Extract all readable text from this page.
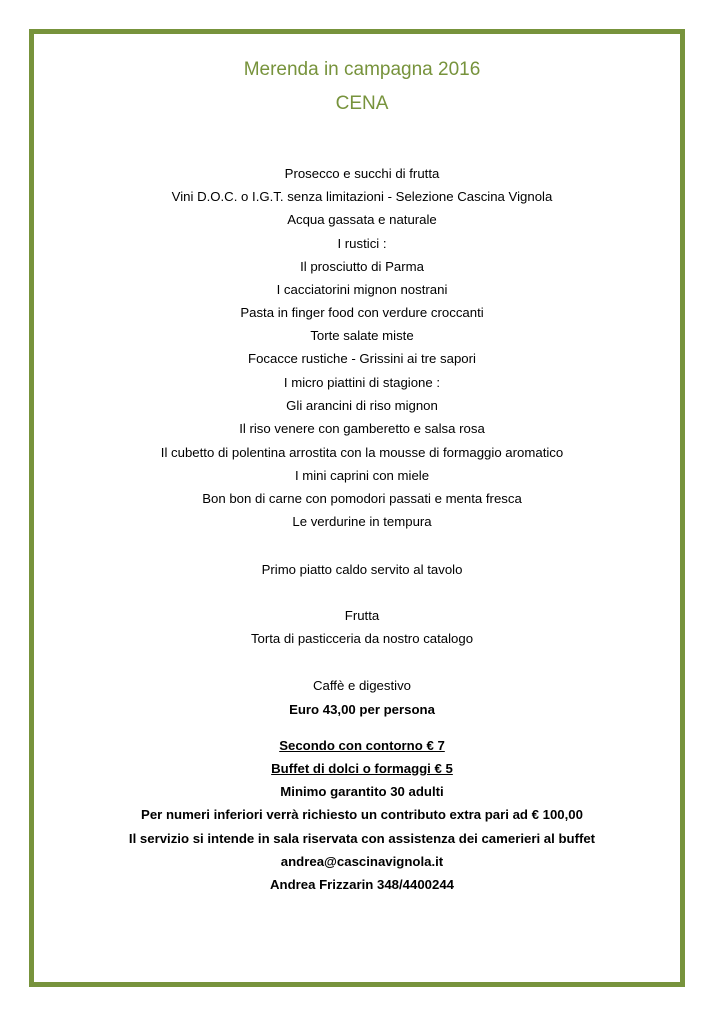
Merenda in campagna 2016
CENA
Prosecco e succhi di frutta
Vini D.O.C. o I.G.T. senza limitazioni - Selezione Cascina Vignola
Acqua gassata e naturale
I rustici :
Il prosciutto di Parma
I cacciatorini mignon nostrani
Pasta in finger food con verdure croccanti
Torte salate miste
Focacce rustiche - Grissini ai tre sapori
I micro piattini di stagione :
Gli arancini di riso mignon
Il riso venere con gamberetto e salsa rosa
Il cubetto di polentina arrostita con la mousse di formaggio aromatico
I mini caprini con miele
Bon bon di carne con pomodori passati e menta fresca
Le verdurine in tempura
Primo piatto caldo servito al tavolo
Frutta
Torta di pasticceria da nostro catalogo
Caffè e digestivo
Euro 43,00 per persona
Secondo con contorno € 7
Buffet di dolci o formaggi € 5
Minimo garantito 30 adulti
Per numeri inferiori verrà richiesto un contributo extra pari ad € 100,00
Il servizio si intende in sala riservata con assistenza dei camerieri al buffet
andrea@cascinavignola.it
Andrea Frizzarin 348/4400244
